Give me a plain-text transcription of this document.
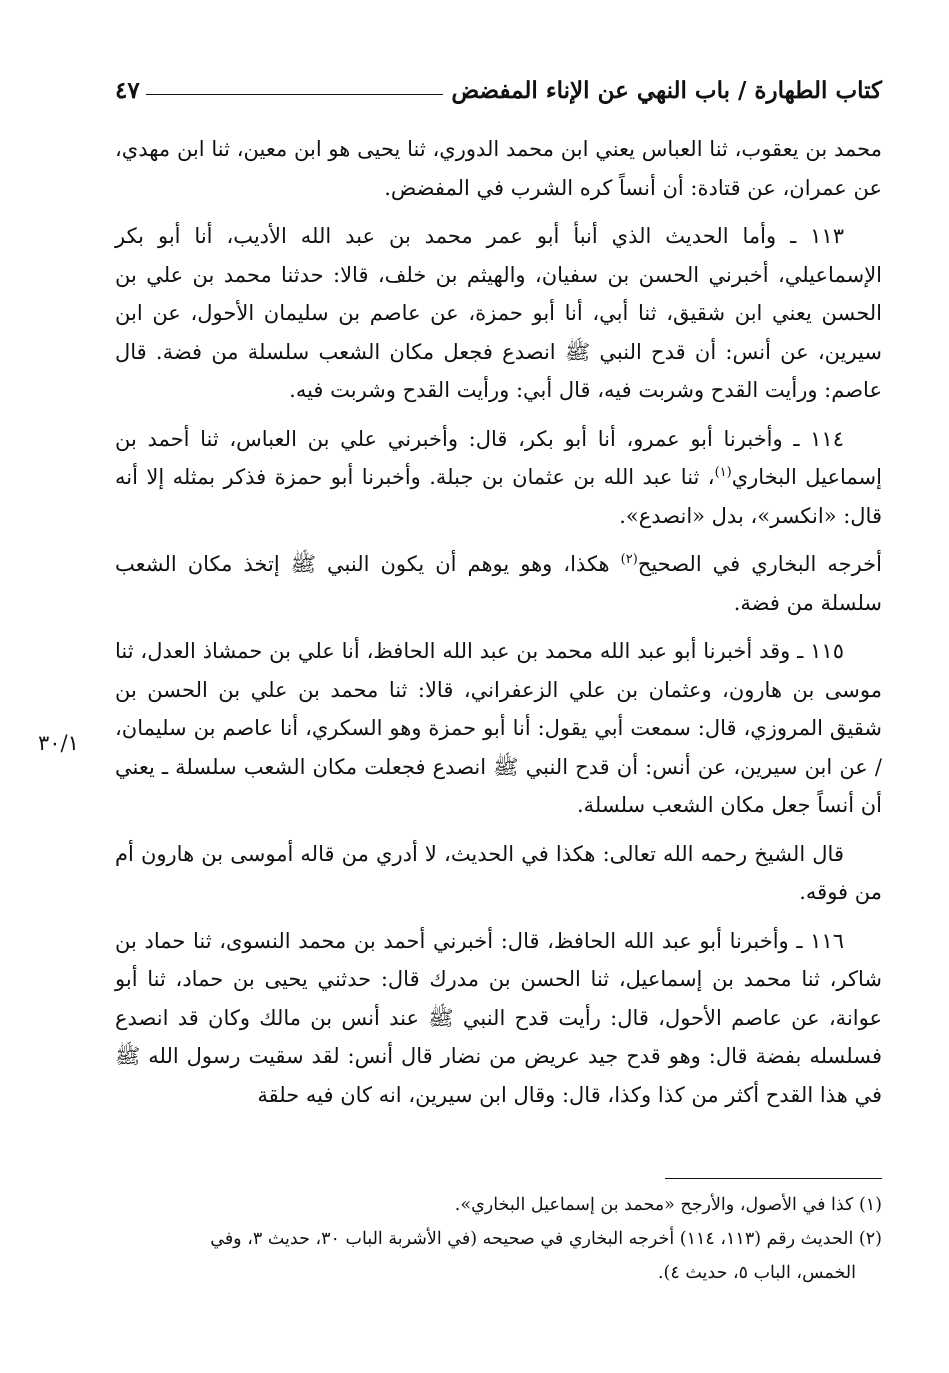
كتاب الطهارة / باب النهي عن الإناء المفضض
٤٧

محمد بن يعقوب، ثنا العباس يعني ابن محمد الدوري، ثنا يحيى هو ابن معين، ثنا ابن مهدي، عن عمران، عن قتادة: أن أنساً كره الشرب في المفضض.

١١٣ ـ وأما الحديث الذي أنبأ أبو عمر محمد بن عبد الله الأديب، أنا أبو بكر الإسماعيلي، أخبرني الحسن بن سفيان، والهيثم بن خلف، قالا: حدثنا محمد بن علي بن الحسن يعني ابن شقيق، ثنا أبي، أنا أبو حمزة، عن عاصم بن سليمان الأحول، عن ابن سيرين، عن أنس: أن قدح النبي ﷺ انصدع فجعل مكان الشعب سلسلة من فضة. قال عاصم: ورأيت القدح وشربت فيه، قال أبي: ورأيت القدح وشربت فيه.

١١٤ ـ وأخبرنا أبو عمرو، أنا أبو بكر، قال: وأخبرني علي بن العباس، ثنا أحمد بن إسماعيل البخاري$^{(١)}$، ثنا عبد الله بن عثمان بن جبلة. وأخبرنا أبو حمزة فذكر بمثله إلا أنه قال: «انكسر»، بدل «انصدع».

أخرجه البخاري في الصحيح$^{(٢)}$ هكذا، وهو يوهم أن يكون النبي ﷺ إتخذ مكان الشعب سلسلة من فضة.

١١٥ ـ وقد أخبرنا أبو عبد الله محمد بن عبد الله الحافظ، أنا علي بن حمشاذ العدل، ثنا موسى بن هارون، وعثمان بن علي الزعفراني، قالا: ثنا محمد بن علي بن الحسن بن شقيق المروزي، قال: سمعت أبي يقول: أنا أبو حمزة وهو السكري، أنا عاصم بن سليمان، / عن ابن سيرين، عن أنس: أن قدح النبي ﷺ انصدع فجعلت مكان الشعب سلسلة ـ يعني أن أنساً جعل مكان الشعب سلسلة.

قال الشيخ رحمه الله تعالى: هكذا في الحديث، لا أدري من قاله أموسى بن هارون أم من فوقه.

١١٦ ـ وأخبرنا أبو عبد الله الحافظ، قال: أخبرني أحمد بن محمد النسوى، ثنا حماد بن شاكر، ثنا محمد بن إسماعيل، ثنا الحسن بن مدرك قال: حدثني يحيى بن حماد، ثنا أبو عوانة، عن عاصم الأحول، قال: رأيت قدح النبي ﷺ عند أنس بن مالك وكان قد انصدع فسلسله بفضة قال: وهو قدح جيد عريض من نضار قال أنس: لقد سقيت رسول الله ﷺ في هذا القدح أكثر من كذا وكذا، قال: وقال ابن سيرين، انه كان فيه حلقة

٣٠/١

(١) كذا في الأصول، والأرجح «محمد بن إسماعيل البخاري».

(٢) الحديث رقم (١١٣، ١١٤) أخرجه البخاري في صحيحه (في الأشربة الباب ٣٠، حديث ٣، وفي

الخمس، الباب ٥، حديث ٤).
